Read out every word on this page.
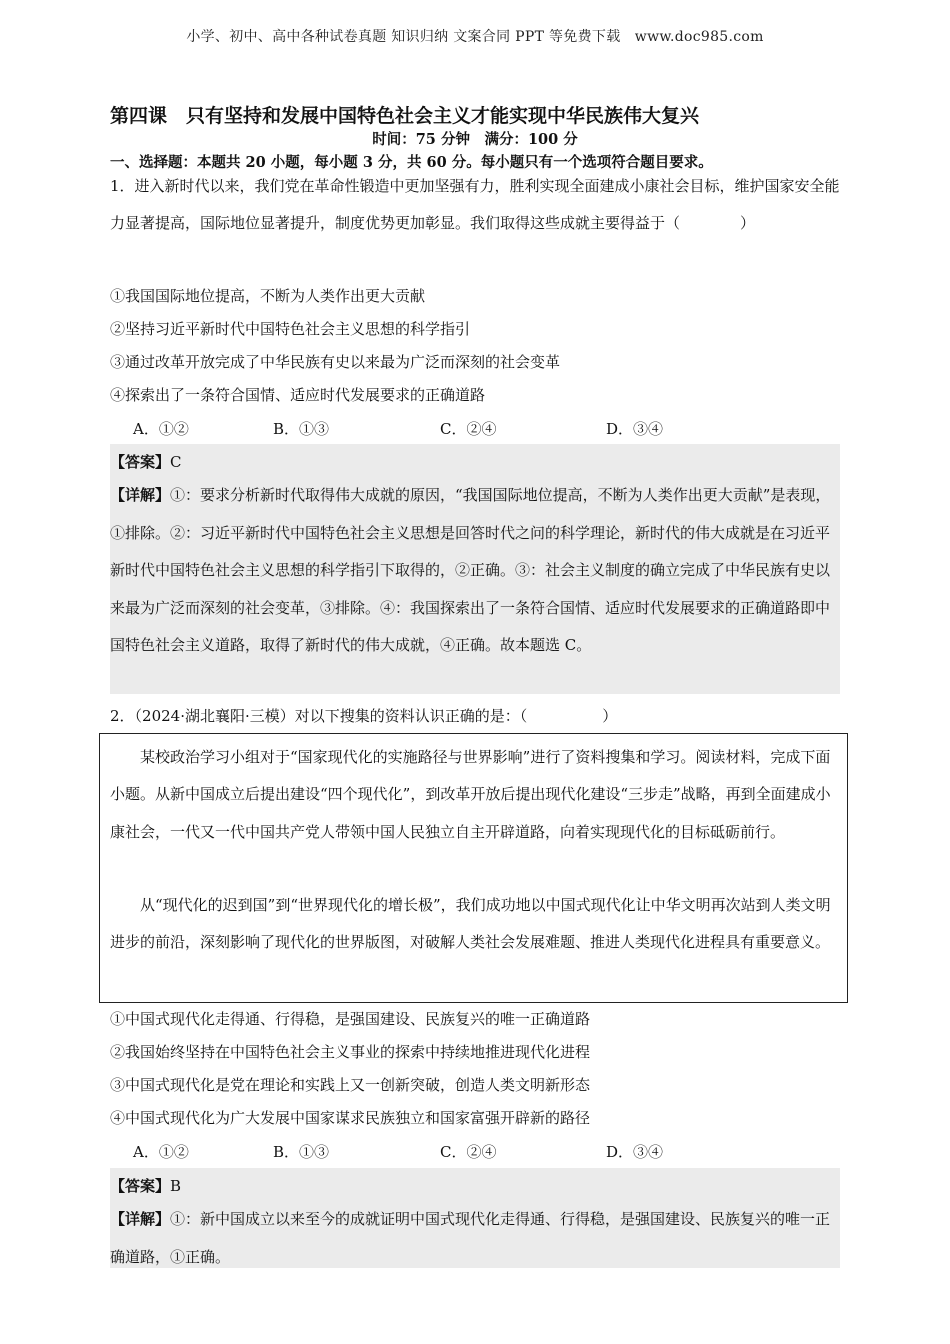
小学、初中、高中各种试卷真题 知识归纳 文案合同 PPT 等免费下载　www.doc985.com
第四课　只有坚持和发展中国特色社会主义才能实现中华民族伟大复兴
时间：75 分钟　满分：100 分
一、选择题：本题共 20 小题，每小题 3 分，共 60 分。每小题只有一个选项符合题目要求。
1．进入新时代以来，我们党在革命性锻造中更加坚强有力，胜利实现全面建成小康社会目标，维护国家安全能力显著提高，国际地位显著提升，制度优势更加彰显。我们取得这些成就主要得益于（　　　　）
①我国国际地位提高，不断为人类作出更大贡献
②坚持习近平新时代中国特色社会主义思想的科学指引
③通过改革开放完成了中华民族有史以来最为广泛而深刻的社会变革
④探索出了一条符合国情、适应时代发展要求的正确道路
A．①②	B．①③	C．②④	D．③④
【答案】C
【详解】①：要求分析新时代取得伟大成就的原因，“我国国际地位提高，不断为人类作出更大贡献”是表现，①排除。②：习近平新时代中国特色社会主义思想是回答时代之问的科学理论，新时代的伟大成就是在习近平新时代中国特色社会主义思想的科学指引下取得的，②正确。③：社会主义制度的确立完成了中华民族有史以来最为广泛而深刻的社会变革，③排除。④：我国探索出了一条符合国情、适应时代发展要求的正确道路即中国特色社会主义道路，取得了新时代的伟大成就，④正确。故本题选 C。
2．（2024·湖北襄阳·三模）对以下搜集的资料认识正确的是：（　　　　　）
某校政治学习小组对于“国家现代化的实施路径与世界影响”进行了资料搜集和学习。阅读材料，完成下面小题。从新中国成立后提出建设“四个现代化”，到改革开放后提出现代化建设“三步走”战略，再到全面建成小康社会，一代又一代中国共产党人带领中国人民独立自主开辟道路，向着实现现代化的目标砥砺前行。
从“现代化的迟到国”到“世界现代化的增长极”，我们成功地以中国式现代化让中华文明再次站到人类文明进步的前沿，深刻影响了现代化的世界版图，对破解人类社会发展难题、推进人类现代化进程具有重要意义。
①中国式现代化走得通、行得稳，是强国建设、民族复兴的唯一正确道路
②我国始终坚持在中国特色社会主义事业的探索中持续地推进现代化进程
③中国式现代化是党在理论和实践上又一创新突破，创造人类文明新形态
④中国式现代化为广大发展中国家谋求民族独立和国家富强开辟新的路径
A．①②	B．①③	C．②④	D．③④
【答案】B
【详解】①：新中国成立以来至今的成就证明中国式现代化走得通、行得稳，是强国建设、民族复兴的唯一正确道路，①正确。
